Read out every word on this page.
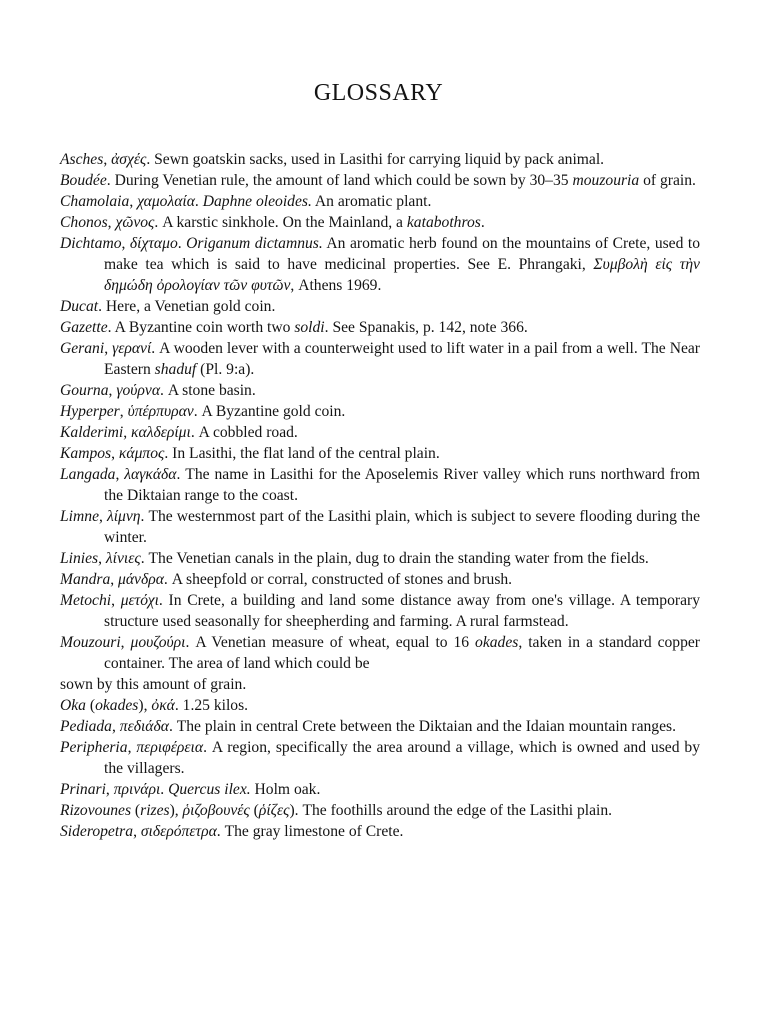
GLOSSARY

Asches, ἀσχές. Sewn goatskin sacks, used in Lasithi for carrying liquid by pack animal.

Boudée. During Venetian rule, the amount of land which could be sown by 30–35 mouzouria of grain.

Chamolaia, χαμολαία. Daphne oleoides. An aromatic plant.

Chonos, χῶνος. A karstic sinkhole. On the Mainland, a katabothros.

Dichtamo, δίχταμο. Origanum dictamnus. An aromatic herb found on the mountains of Crete, used to make tea which is said to have medicinal properties. See E. Phrangaki, Συμβολὴ εἰς τὴν δημώδη ὀρολογίαν τῶν φυτῶν, Athens 1969.

Ducat. Here, a Venetian gold coin.

Gazette. A Byzantine coin worth two soldi. See Spanakis, p. 142, note 366.

Gerani, γερανί. A wooden lever with a counterweight used to lift water in a pail from a well. The Near Eastern shaduf (Pl. 9:a).

Gourna, γούρνα. A stone basin.

Hyperper, ὑπέρπυραν. A Byzantine gold coin.

Kalderimi, καλδερίμι. A cobbled road.

Kampos, κάμπος. In Lasithi, the flat land of the central plain.

Langada, λαγκάδα. The name in Lasithi for the Aposelemis River valley which runs northward from the Diktaian range to the coast.

Limne, λίμνη. The westernmost part of the Lasithi plain, which is subject to severe flooding during the winter.

Linies, λίνιες. The Venetian canals in the plain, dug to drain the standing water from the fields.

Mandra, μάνδρα. A sheepfold or corral, constructed of stones and brush.

Metochi, μετόχι. In Crete, a building and land some distance away from one's village. A temporary structure used seasonally for sheepherding and farming. A rural farmstead.

Mouzouri, μουζούρι. A Venetian measure of wheat, equal to 16 okades, taken in a standard copper container. The area of land which could be

sown by this amount of grain.

Oka (okades), ὀκά. 1.25 kilos.

Pediada, πεδιάδα. The plain in central Crete between the Diktaian and the Idaian mountain ranges.

Peripheria, περιφέρεια. A region, specifically the area around a village, which is owned and used by the villagers.

Prinari, πρινάρι. Quercus ilex. Holm oak.

Rizovounes (rizes), ῥιζοβουνές (ῥίζες). The foothills around the edge of the Lasithi plain.

Sideropetra, σιδερόπετρα. The gray limestone of Crete.
